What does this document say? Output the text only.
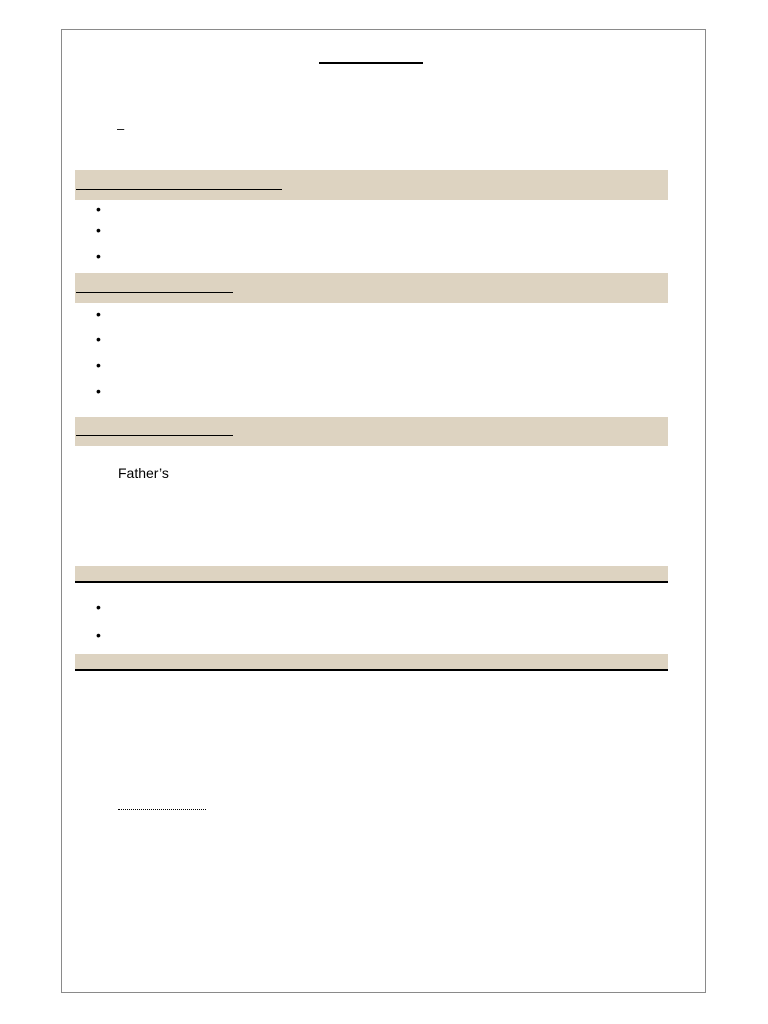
–
•
•
•
•
•
•
•
Father’s
•
•
